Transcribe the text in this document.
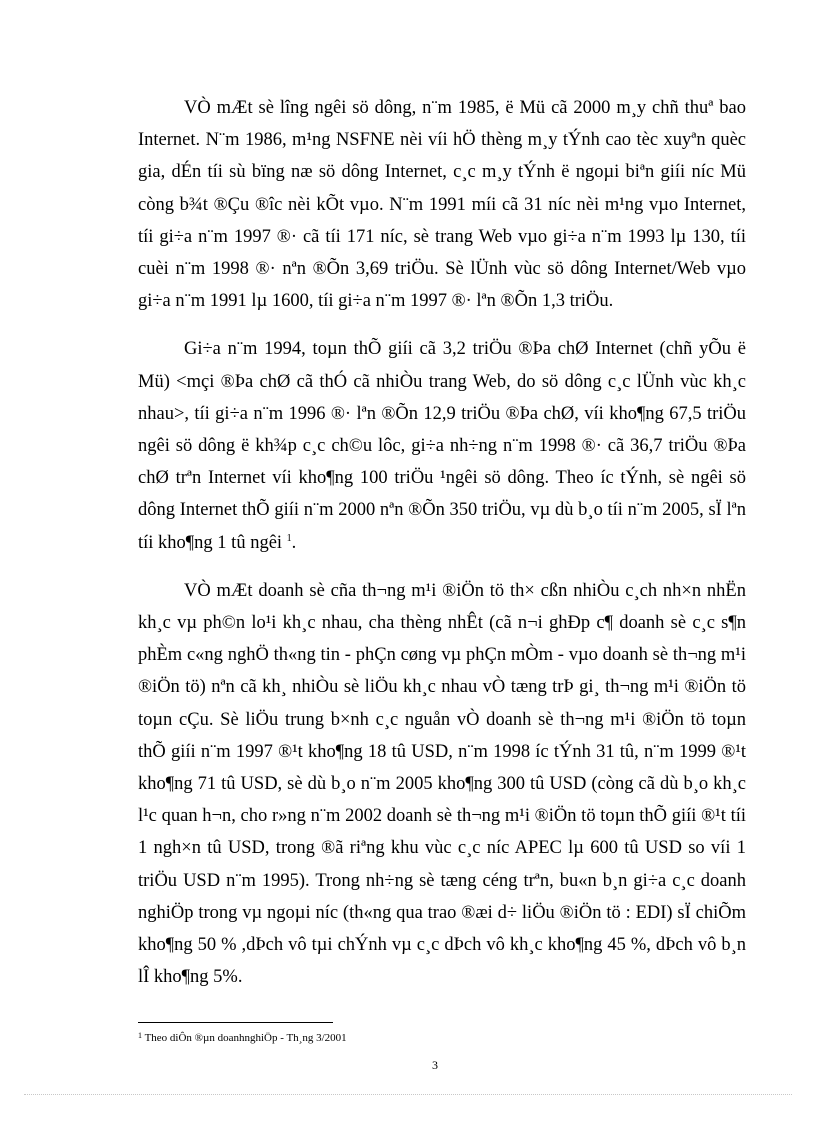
VÒ mÆt sè lîng ngêi sö dông, n¨m 1985, ë Mü cã 2000 m¸y chñ thuª bao Internet. N¨m 1986, m¹ng NSFNE nèi víi hÖ thèng m¸y tÝnh cao tèc xuyªn quèc gia, dÉn tíi sù bïng næ sö dông Internet, c¸c m¸y tÝnh ë ngoµi biªn giíi níc Mü còng b¾t ®Çu ®îc nèi kÕt vµo. N¨m 1991 míi cã 31 níc nèi m¹ng vµo Internet, tíi gi÷a n¨m 1997 ®· cã tíi 171 níc, sè trang Web vµo gi÷a n¨m 1993 lµ 130, tíi cuèi n¨m 1998 ®· nªn ®Õn 3,69 triÖu. Sè lÜnh vùc sö dông Internet/Web vµo gi÷a n¨m 1991 lµ 1600, tíi gi÷a n¨m 1997 ®· lªn ®Õn 1,3 triÖu.

Gi÷a n¨m 1994, toµn thÕ giíi cã 3,2 triÖu ®Þa chØ Internet (chñ yÕu ë Mü) <mçi ®Þa chØ cã thÓ cã nhiÒu trang Web, do sö dông c¸c lÜnh vùc kh¸c nhau>, tíi gi÷a n¨m 1996 ®· lªn ®Õn 12,9 triÖu ®Þa chØ, víi kho¶ng 67,5 triÖu ngêi sö dông ë kh¾p c¸c ch©u lôc, gi÷a nh÷ng n¨m 1998 ®· cã 36,7 triÖu ®Þa chØ trªn Internet víi kho¶ng 100 triÖu ¹ngêi sö dông. Theo íc tÝnh, sè ngêi sö dông Internet thÕ giíi n¨m 2000 nªn ®Õn 350 triÖu, vµ dù b¸o tíi n¨m 2005, sÏ lªn tíi kho¶ng 1 tû ngêi $^1$.

VÒ mÆt doanh sè cña th¬ng m¹i ®iÖn tö th× cßn nhiÒu c¸ch nh×n nhËn kh¸c vµ ph©n lo¹i kh¸c nhau, cha thèng nhÊt (cã n¬i ghÐp c¶ doanh sè c¸c s¶n phÈm c«ng nghÖ th«ng tin - phÇn cøng vµ phÇn mÒm - vµo doanh sè th¬ng m¹i ®iÖn tö) nªn cã kh¸ nhiÒu sè liÖu kh¸c nhau vÒ tæng trÞ gi¸ th¬ng m¹i ®iÖn tö toµn cÇu. Sè liÖu trung b×nh c¸c nguån vÒ doanh sè th¬ng m¹i ®iÖn tö toµn thÕ giíi n¨m 1997 ®¹t kho¶ng 18 tû USD, n¨m 1998 íc tÝnh 31 tû, n¨m 1999 ®¹t kho¶ng 71 tû USD, sè dù b¸o n¨m 2005 kho¶ng 300 tû USD (còng cã dù b¸o kh¸c l¹c quan h¬n, cho r»ng n¨m 2002 doanh sè th¬ng m¹i ®iÖn tö toµn thÕ giíi ®¹t tíi 1 ngh×n tû USD, trong ®ã riªng khu vùc c¸c níc APEC lµ 600 tû USD so víi 1 triÖu USD n¨m 1995). Trong nh÷ng sè tæng céng trªn, bu«n b¸n gi÷a c¸c doanh nghiÖp trong vµ ngoµi níc (th«ng qua trao ®æi d÷ liÖu ®iÖn tö : EDI) sÏ chiÕm kho¶ng 50 % ,dÞch vô tµi chÝnh vµ c¸c dÞch vô kh¸c kho¶ng 45 %, dÞch vô b¸n lÎ kho¶ng 5%.

$^1$ Theo diÔn ®µn doanhnghiÖp - Th¸ng 3/2001
3
